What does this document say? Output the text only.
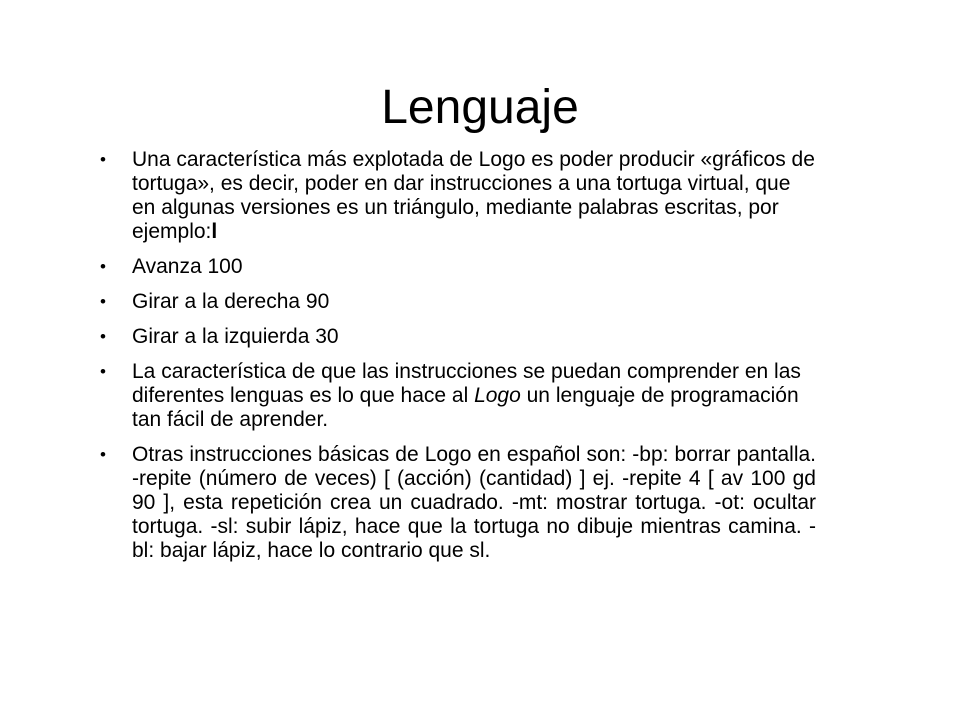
Lenguaje
•	Una característica más explotada de Logo es poder producir «gráficos de tortuga», es decir, poder en dar instrucciones a una tortuga virtual, que en algunas versiones es un triángulo, mediante palabras escritas, por ejemplo:l
•	Avanza 100
•	Girar a la derecha 90
•	Girar a la izquierda 30
•	La característica de que las instrucciones se puedan comprender en las diferentes lenguas es lo que hace al Logo un lenguaje de programación tan fácil de aprender.
•	Otras instrucciones básicas de Logo en español son: -bp: borrar pantalla. -repite (número de veces) [ (acción) (cantidad) ] ej. -repite 4 [ av 100 gd 90 ], esta repetición crea un cuadrado. -mt: mostrar tortuga. -ot: ocultar tortuga. -sl: subir lápiz, hace que la tortuga no dibuje mientras camina. -bl: bajar lápiz, hace lo contrario que sl.
